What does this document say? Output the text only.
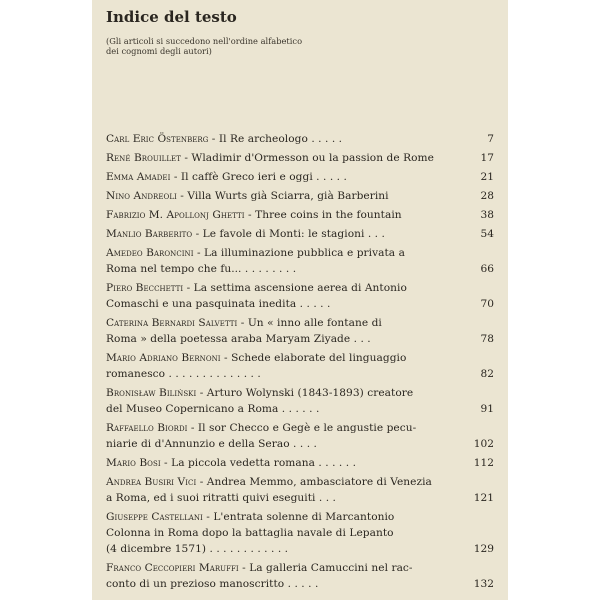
Indice del testo
(Gli articoli si succedono nell'ordine alfabetico
dei cognomi degli autori)
Carl Eric Östenberg - Il Re archeologo . . . . .	7
René Brouillet - Wladimir d'Ormesson ou la passion de Rome	17
Emma Amadei - Il caffè Greco ieri e oggi . . . . .	21
Nino Andreoli - Villa Wurts già Sciarra, già Barberini	28
Fabrizio M. Apollonj Ghetti - Three coins in the fountain	38
Manlio Barberito - Le favole di Monti: le stagioni . . .	54
Amedeo Baroncini - La illuminazione pubblica e privata a
Roma nel tempo che fu... . . . . . . . .	66
Piero Becchetti - La settima ascensione aerea di Antonio
Comaschi e una pasquinata inedita . . . . .	70
Caterina Bernardi Salvetti - Un « inno alle fontane di
Roma » della poetessa araba Maryam Ziyade . . .	78
Mario Adriano Bernoni - Schede elaborate del linguaggio
romanesco . . . . . . . . . . . . . .	82
Bronisław Biliński - Arturo Wolynski (1843-1893) creatore
del Museo Copernicano a Roma . . . . . .	91
Raffaello Biordi - Il sor Checco e Gegè e le angustie pecu-
niarie di d'Annunzio e della Serao . . . .	102
Mario Bosi - La piccola vedetta romana . . . . . .	112
Andrea Busiri Vici - Andrea Memmo, ambasciatore di Venezia
a Roma, ed i suoi ritratti quivi eseguiti . . .	121
Giuseppe Castellani - L'entrata solenne di Marcantonio
Colonna in Roma dopo la battaglia navale di Lepanto
(4 dicembre 1571) . . . . . . . . . . . .	129
Franco Ceccopieri Maruffi - La galleria Camuccini nel rac-
conto di un prezioso manoscritto . . . . .	132
